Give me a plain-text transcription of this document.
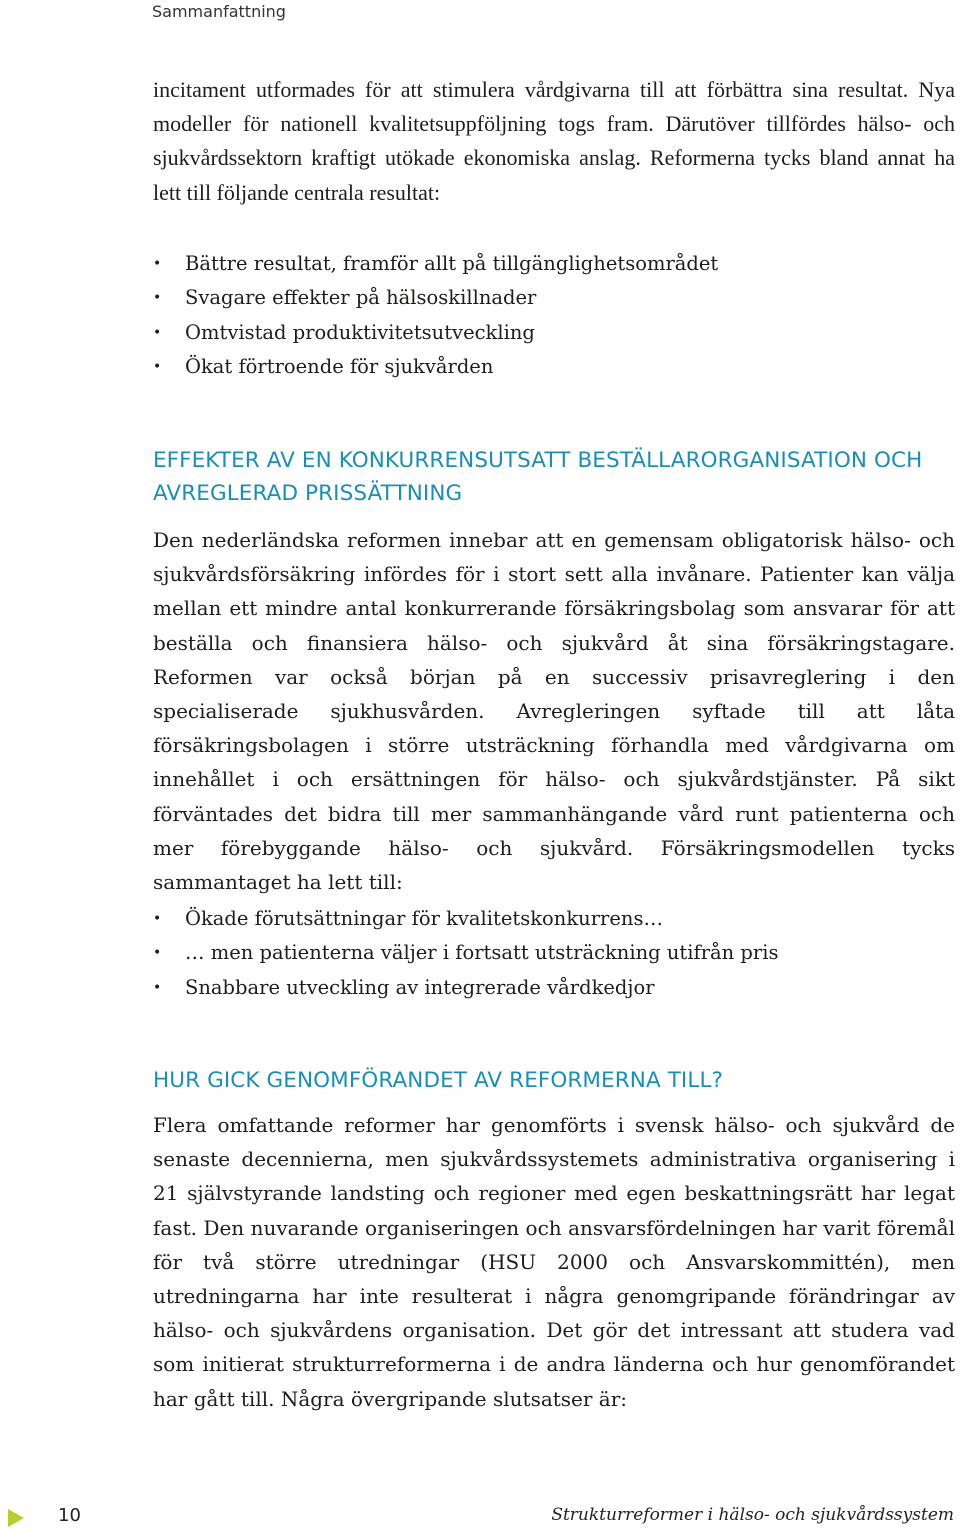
Sammanfattning

incitament utformades för att stimulera vårdgivarna till att förbättra sina resultat. Nya modeller för nationell kvalitetsuppföljning togs fram. Därutöver tillfördes hälso- och sjukvårdssektorn kraftigt utökade ekonomiska anslag. Reformerna tycks bland annat ha lett till följande centrala resultat:

• Bättre resultat, framför allt på tillgänglighetsområdet
• Svagare effekter på hälsoskillnader
• Omtvistad produktivitetsutveckling
• Ökat förtroende för sjukvården
EFFEKTER AV EN KONKURRENSUTSATT BESTÄLLARORGANISATION OCH AVREGLERAD PRISSÄTTNING

Den nederländska reformen innebar att en gemensam obligatorisk hälso- och sjukvårdsförsäkring infördes för i stort sett alla invånare. Patienter kan välja mellan ett mindre antal konkurrerande försäkringsbolag som ansvarar för att beställa och finansiera hälso- och sjukvård åt sina försäkringstagare. Reformen var också början på en successiv prisavreglering i den specialiserade sjukhusvården. Avregleringen syftade till att låta försäkringsbolagen i större utsträckning förhandla med vårdgivarna om innehållet i och ersättningen för hälso- och sjukvårdstjänster. På sikt förväntades det bidra till mer sammanhängande vård runt patienterna och mer förebyggande hälso- och sjukvård. Försäkringsmodellen tycks sammantaget ha lett till:

• Ökade förutsättningar för kvalitetskonkurrens…
• … men patienterna väljer i fortsatt utsträckning utifrån pris
• Snabbare utveckling av integrerade vårdkedjor
HUR GICK GENOMFÖRANDET AV REFORMERNA TILL?

Flera omfattande reformer har genomförts i svensk hälso- och sjukvård de senaste decennierna, men sjukvårdssystemets administrativa organisering i 21 självstyrande landsting och regioner med egen beskattningsrätt har legat fast. Den nuvarande organiseringen och ansvarsfördelningen har varit föremål för två större utredningar (HSU 2000 och Ansvarskommittén), men utredningarna har inte resulterat i några genomgripande förändringar av hälso- och sjukvårdens organisation. Det gör det intressant att studera vad som initierat strukturreformerna i de andra länderna och hur genomförandet har gått till. Några övergripande slutsatser är:

10	Strukturreformer i hälso- och sjukvårdssystem
